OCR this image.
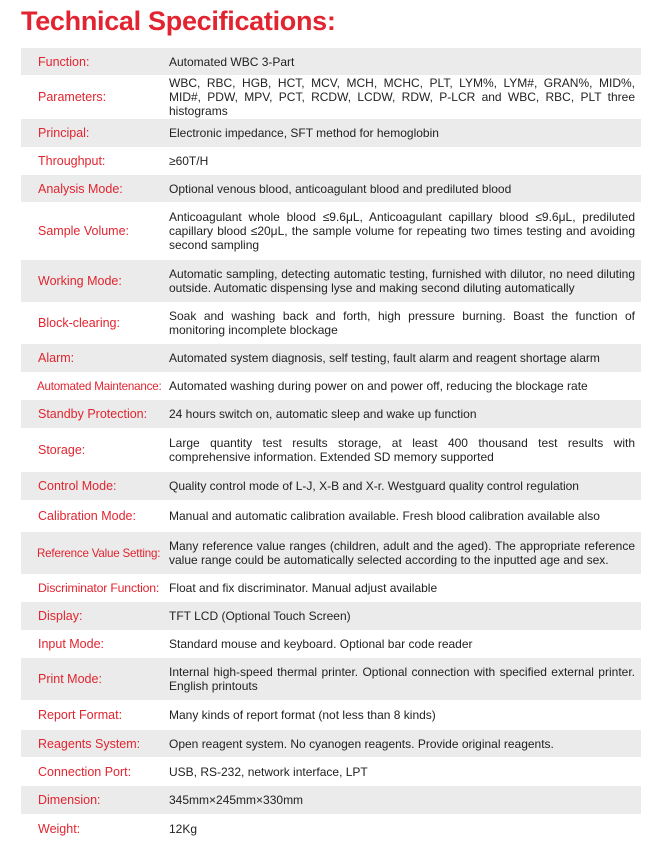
Technical Specifications:
Function:	Automated WBC 3-Part
Parameters:
WBC, RBC, HGB, HCT, MCV, MCH, MCHC, PLT, LYM%, LYM#, GRAN%, MID%, MID#, PDW, MPV, PCT, RCDW, LCDW, RDW, P-LCR and WBC, RBC, PLT three histograms
Principal:	Electronic impedance, SFT method for hemoglobin
Throughput:	≥60T/H
Analysis Mode:	Optional venous blood, anticoagulant blood and prediluted blood
Sample Volume:
Anticoagulant whole blood ≤9.6μL, Anticoagulant capillary blood ≤9.6μL, prediluted capillary blood ≤20μL, the sample volume for repeating two times testing and avoiding second sampling
Working Mode:	Automatic sampling, detecting automatic testing, furnished with dilutor, no need diluting outside. Automatic dispensing lyse and making second diluting automatically
Block-clearing:	Soak and washing back and forth, high pressure burning. Boast the function of monitoring incomplete blockage
Alarm:	Automated system diagnosis, self testing, fault alarm and reagent shortage alarm
Automated Maintenance: Automated washing during power on and power off, reducing the blockage rate
Standby Protection:	24 hours switch on, automatic sleep and wake up function
Storage:	Large quantity test results storage, at least 400 thousand test results with comprehensive information. Extended SD memory supported
Control Mode:	Quality control mode of L-J, X-B and X-r. Westguard quality control regulation
Calibration Mode:	Manual and automatic calibration available. Fresh blood calibration available also
Reference Value Setting: Many reference value ranges (children, adult and the aged). The appropriate reference value range could be automatically selected according to the inputted age and sex.
Discriminator Function: Float and fix discriminator. Manual adjust available
Display:	TFT LCD (Optional Touch Screen)
Input Mode:	Standard mouse and keyboard. Optional bar code reader
Print Mode:	Internal high-speed thermal printer. Optional connection with specified external printer. English printouts
Report Format:	Many kinds of report format (not less than 8 kinds)
Reagents System:	Open reagent system. No cyanogen reagents. Provide original reagents.
Connection Port:	USB, RS-232, network interface, LPT
Dimension:	345mm×245mm×330mm
Weight:	12Kg
